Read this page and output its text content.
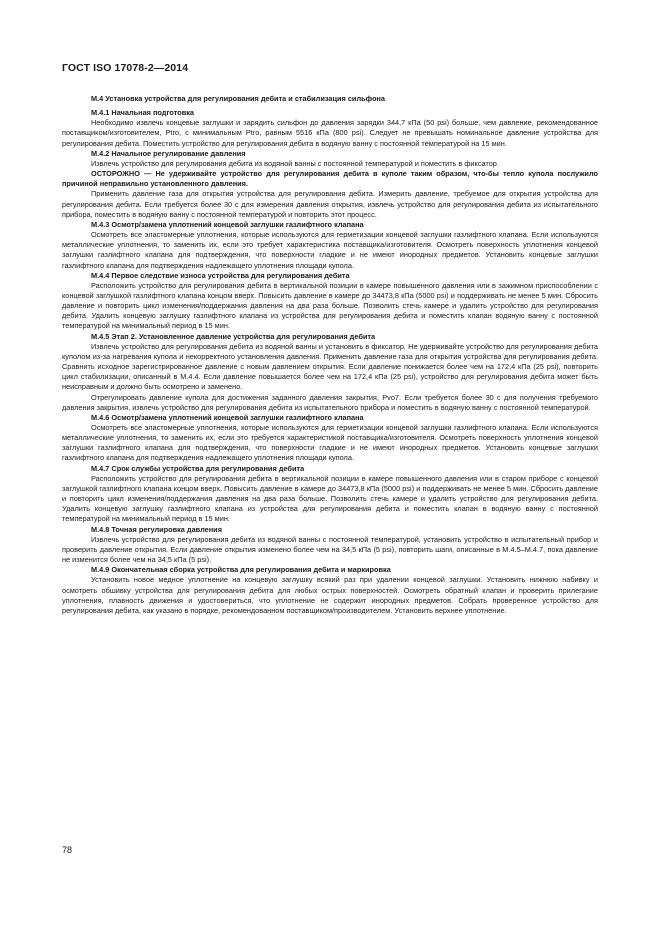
ГОСТ ISO 17078-2—2014

M.4 Установка устройства для регулирования дебита и стабилизация сильфона

M.4.1 Начальная подготовка

Необходимо извлечь концевые заглушки и зарядить сильфон до давления зарядки 344,7 кПа (50 psi) больше, чем давление, рекомендованное поставщиком/изготовителем, Ptro, с минимальным Ptro, равным 5516 кПа (800 psi). Следует не превышать номинальное давление устройства для регулирования дебита. Поместить устройство для регулирования дебита в водяную ванну с постоянной температурой на 15 мин.

M.4.2 Начальное регулирование давления

Извлечь устройство для регулирования дебита из водяной ванны с постоянной температурой и поместить в фиксатор.

ОСТОРОЖНО — Не удерживайте устройство для регулирования дебита в куполе таким образом, что-бы тепло купола послужило причиной неправильно установленного давления.

Применить давление газа для открытия устройства для регулирования дебита. Измерить давление, требуемое для открытия устройства для регулирования дебита. Если требуется более 30 с для измерения давления открытия, извлечь устройство для регулирования дебита из испытательного прибора, поместить в водяную ванну с постоянной температурой и повторить этот процесс.

M.4.3 Осмотр/замена уплотнений концевой заглушки газлифтного клапана

Осмотреть все эластомерные уплотнения, которые используются для герметизации концевой заглушки газлифтного клапана. Если используются металлические уплотнения, то заменить их, если это требует характеристика поставщика/изготовителя. Осмотреть поверхность уплотнения концевой заглушки газлифтного клапана для подтверждения, что поверхности гладкие и не имеют инородных предметов. Установить концевые заглушки газлифтного клапана для подтверждения надлежащего уплотнения площади купола.

M.4.4 Первое следствие износа устройства для регулирования дебита

Расположить устройство для регулирования дебита в вертикальной позиции в камере повышенного давления или в зажимном приспособлении с концевой заглушкой газлифтного клапана концом вверх. Повысить давление в камере до 34473,8 кПа (5000 psi) и поддерживать не менее 5 мин. Сбросить давление и повторить цикл изменения/поддержания давления на два раза больше. Позволить стечь камере и удалить устройство для регулирования дебита. Удалить концевую заглушку газлифтного клапана из устройства для регулирования дебита и поместить клапан водяную ванну с постоянной температурой на минимальный период в 15 мин.

M.4.5 Этап 2. Установленное давление устройства для регулирования дебита

Извлечь устройство для регулирования дебита из водяной ванны и установить в фиксатор. Не удерживайте устройство для регулирования дебита куполом из-за нагревания купола и некорректного установления давления. Применить давление газа для открытия устройства для регулирования дебита. Сравнить исходное зарегистрированное давление с новым давлением открытия. Если давление понижается более чем на 172,4 кПа (25 psi), повторить цикл стабилизации, описанный в M.4.4. Если давление повышается более чем на 172,4 кПа (25 psi), устройство для регулирования дебита может быть неисправным и должно быть осмотрено и заменено.

Отрегулировать давление купола для достижения заданного давления закрытия, Pvo7. Если требуется более 30 с для получения требуемого давления закрытия, извлечь устройство для регулирования дебита из испытательного прибора и поместить в водяную ванну с постоянной температурой.

M.4.6 Осмотр/замена уплотнений концевой заглушки газлифтного клапана

Осмотреть все эластомерные уплотнения, которые используются для герметизации концевой заглушки газлифтного клапана. Если используются металлические уплотнения, то заменить их, если это требуется характеристикой поставщика/изготовителя. Осмотреть поверхность уплотнения концевой заглушки газлифтного клапана для подтверждения, что поверхности гладкие и не имеют инородных предметов. Установить концевые заглушки газлифтного клапана для подтверждения надлежащего уплотнения площади купола.

M.4.7 Срок службы устройства для регулирования дебита

Расположить устройство для регулирования дебита в вертикальной позиции в камере повышенного давления или в старом приборе с концевой заглушкой газлифтного клапана концом вверх. Повысить давление в камере до 34473,8 кПа (5000 psi) и поддерживать не менее 5 мин. Сбросить давление и повторить цикл изменения/поддержания давления на два раза больше. Позволить стечь камере и удалить устройство для регулирования дебита. Удалить концевую заглушку газлифтного клапана из устройства для регулирования дебита и поместить клапан в водяную ванну с постоянной температурой на минимальный период в 15 мин.

M.4.8 Точная регулировка давления

Извлечь устройство для регулирования дебита из водяной ванны с постоянной температурой, установить устройство в испытательный прибор и проверить давление открытия. Если давление открытия изменено более чем на 34,5 кПа (5 psi), повторить шаги, описанные в M.4.5–M.4.7, пока давление не изменится более чем на 34,5 кПа (5 psi).

M.4.9 Окончательная сборка устройства для регулирования дебита и маркировка

Установить новое медное уплотнение на концевую заглушку всякий раз при удалении концевой заглушки. Установить нижнюю набивку и осмотреть обшивку устройства для регулирования дебита для любых острых поверхностей. Осмотреть обратный клапан и проверить прилегание уплотнения, плавность движения и удостовериться, что уплотнение не содержит инородных предметов. Собрать проверенное устройство для регулирования дебита, как указано в порядке, рекомендованном поставщиком/производителем. Установить верхнее уплотнение.

78
